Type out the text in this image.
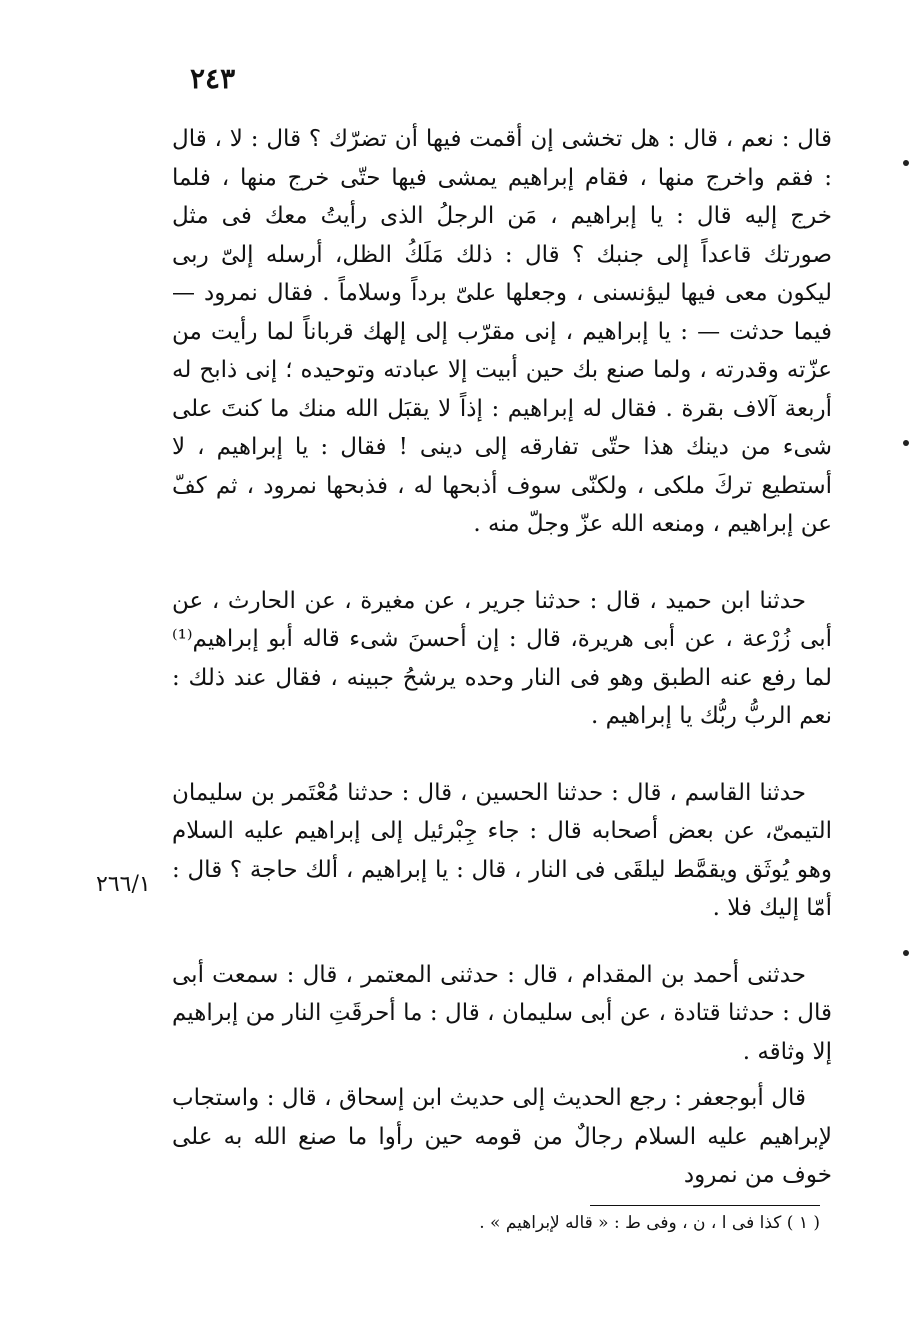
٢٤٣

قال : نعم ، قال : هل تخشى إن أقمت فيها أن تضرّك ؟ قال : لا ، قال : فقم واخرج منها ، فقام إبراهيم يمشى فيها حتّى خرج منها ، فلما خرج إليه قال : يا إبراهيم ، مَن الرجلُ الذى رأيتُ معك فى مثل صورتك قاعداً إلى جنبك ؟ قال : ذلك مَلَكُ الظل، أرسله إلىّ ربى ليكون معى فيها ليؤنسنى ، وجعلها علىّ برداً وسلاماً . فقال نمرود — فيما حدثت — : يا إبراهيم ، إنى مقرّب إلى إلهك قرباناً لما رأيت من عزّته وقدرته ، ولما صنع بك حين أبيت إلا عبادته وتوحيده ؛ إنى ذابح له أربعة آلاف بقرة . فقال له إبراهيم : إذاً لا يقبَل الله منك ما كنتَ على شىء من دينك هذا حتّى تفارقه إلى دينى ! فقال : يا إبراهيم ، لا أستطيع تركَ ملكى ، ولكنّى سوف أذبحها له ، فذبحها نمرود ، ثم كفّ عن إبراهيم ، ومنعه الله عزّ وجلّ منه .

حدثنا ابن حميد ، قال : حدثنا جرير ، عن مغيرة ، عن الحارث ، عن أبى زُرْعة ، عن أبى هريرة، قال : إن أحسنَ شىء قاله أبو إبراهيم⁽¹⁾ لما رفع عنه الطبق وهو فى النار وحده يرشحُ جبينه ، فقال عند ذلك : نعم الربُّ ربُّك يا إبراهيم .

حدثنا القاسم ، قال : حدثنا الحسين ، قال : حدثنا مُعْتَمر بن سليمان التيمىّ، عن بعض أصحابه قال : جاء جِبْرئيل إلى إبراهيم عليه السلام وهو يُوثَق ويقمَّط ليلقَى فى النار ، قال : يا إبراهيم ، ألك حاجة ؟ قال : أمّا إليك فلا .

حدثنى أحمد بن المقدام ، قال : حدثنى المعتمر ، قال : سمعت أبى قال : حدثنا قتادة ، عن أبى سليمان ، قال : ما أحرقَتِ النار من إبراهيم إلا وثاقه .

قال أبوجعفر : رجع الحديث إلى حديث ابن إسحاق ، قال : واستجاب لإبراهيم عليه السلام رجالٌ من قومه حين رأوا ما صنع الله به على خوف من نمرود

٢٦٦/١
( ١ ) كذا فى ا ، ن ، وفى ط : « قاله لإبراهيم » .
